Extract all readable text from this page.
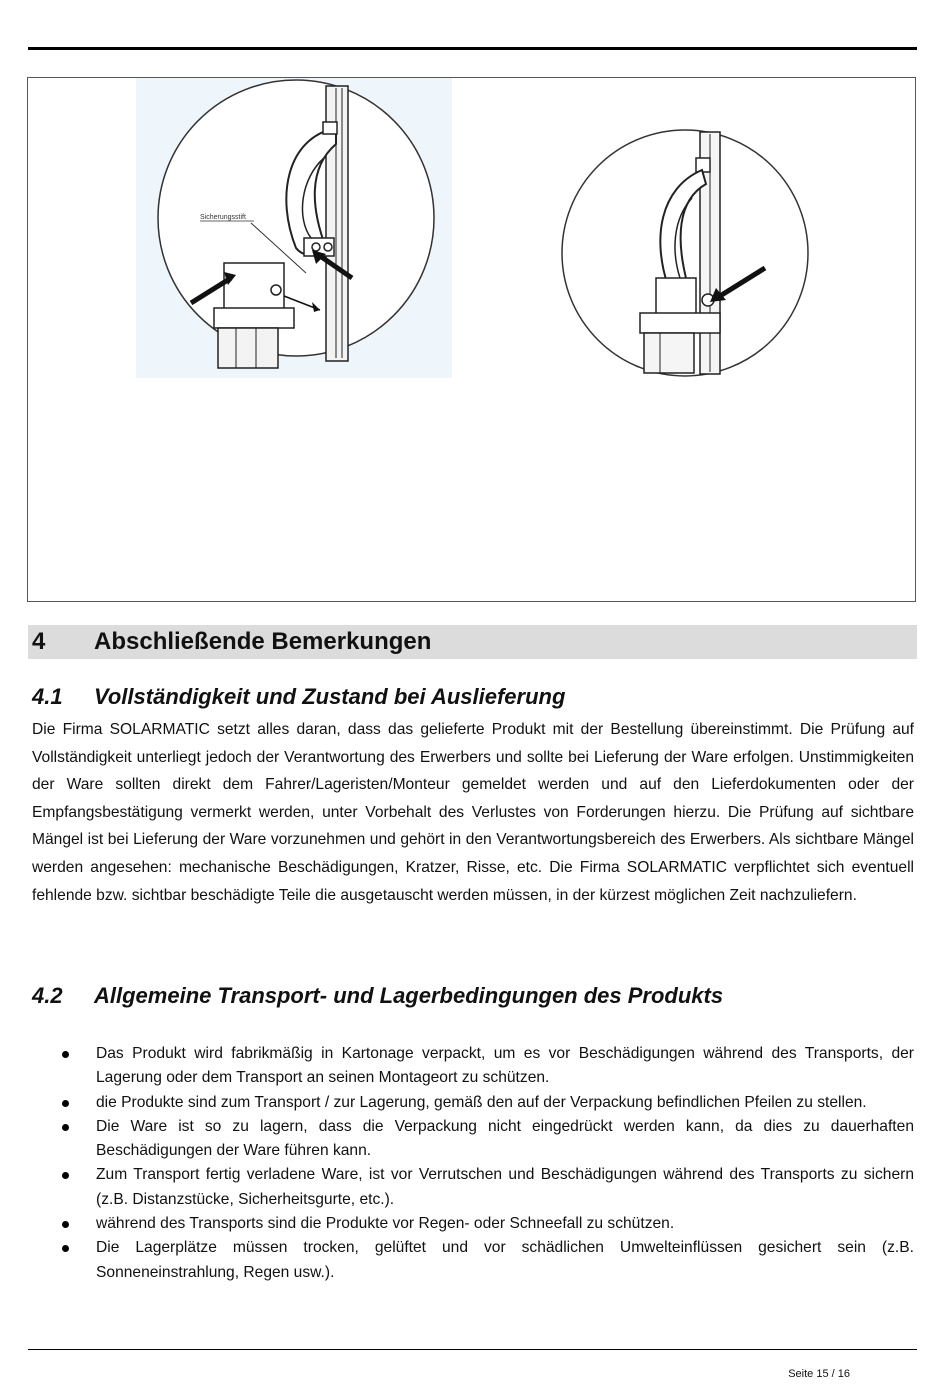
Sicherungsstift
4 Abschließende Bemerkungen
4.1 Vollständigkeit und Zustand bei Auslieferung

Die Firma SOLARMATIC setzt alles daran, dass das gelieferte Produkt mit der Bestellung übereinstimmt. Die Prüfung auf Vollständigkeit unterliegt jedoch der Verantwortung des Erwerbers und sollte bei Lieferung der Ware erfolgen. Unstimmigkeiten der Ware sollten direkt dem Fahrer/Lageristen/Monteur gemeldet werden und auf den Lieferdokumenten oder der Empfangsbestätigung vermerkt werden, unter Vorbehalt des Verlustes von Forderungen hierzu. Die Prüfung auf sichtbare Mängel ist bei Lieferung der Ware vorzunehmen und gehört in den Verantwortungsbereich des Erwerbers. Als sichtbare Mängel werden angesehen: mechanische Beschädigungen, Kratzer, Risse, etc. Die Firma SOLARMATIC verpflichtet sich eventuell fehlende bzw. sichtbar beschädigte Teile die ausgetauscht werden müssen, in der kürzest möglichen Zeit nachzuliefern.

4.2 Allgemeine Transport- und Lagerbedingungen des Produkts
Das Produkt wird fabrikmäßig in Kartonage verpackt, um es vor Beschädigungen während des Transports, der Lagerung oder dem Transport an seinen Montageort zu schützen.
die Produkte sind zum Transport / zur Lagerung, gemäß den auf der Verpackung befindlichen Pfeilen zu stellen.
Die Ware ist so zu lagern, dass die Verpackung nicht eingedrückt werden kann, da dies zu dauerhaften Beschädigungen der Ware führen kann.
Zum Transport fertig verladene Ware, ist vor Verrutschen und Beschädigungen während des Transports zu sichern (z.B. Distanzstücke, Sicherheitsgurte, etc.).
während des Transports sind die Produkte vor Regen- oder Schneefall zu schützen.
Die Lagerplätze müssen trocken, gelüftet und vor schädlichen Umwelteinflüssen gesichert sein (z.B. Sonneneinstrahlung, Regen usw.).
Seite 15 / 16
